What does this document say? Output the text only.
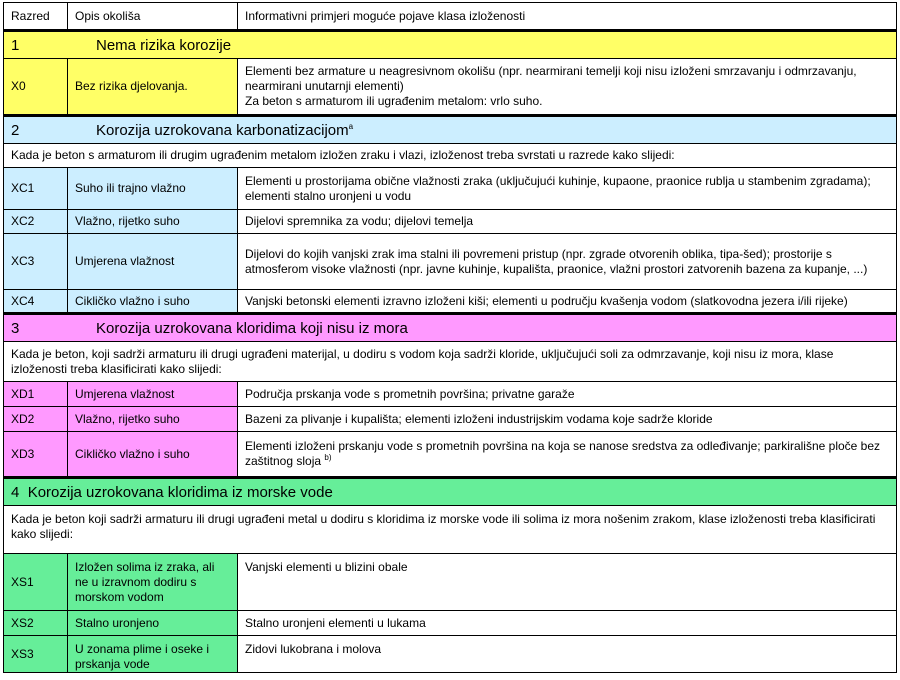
Razred	Opis okoliša	Informativni primjeri moguće pojave klasa izloženosti
1 Nema rizika korozije		
X0	Bez rizika djelovanja.	Elementi bez armature u neagresivnom okolišu (npr. nearmirani temelji koji nisu izloženi smrzavanju i odmrzavanju, nearmirani unutarnji elementi)
Za beton s armaturom ili ugrađenim metalom: vrlo suho.

2 Korozija uzrokovana karbonatizacijom$^a$
Kada je beton s armaturom ili drugim ugrađenim metalom izložen zraku i vlazi, izloženost treba svrstati u razrede kako slijedi:		
XC1	Suho ili trajno vlažno	Elementi u prostorijama obične vlažnosti zraka (uključujući kuhinje, kupaone, praonice rublja u stambenim zgradama); elementi stalno uronjeni u vodu
XC2	Vlažno, rijetko suho	Dijelovi spremnika za vodu; dijelovi temelja
XC3	Umjerena vlažnost	Dijelovi do kojih vanjski zrak ima stalni ili povremeni pristup (npr. zgrade otvorenih oblika, tipa-šed); prostorije s atmosferom visoke vlažnosti (npr. javne kuhinje, kupališta, praonice, vlažni prostori zatvorenih bazena za kupanje, ...)
XC4	Cikličko vlažno i suho	Vanjski betonski elementi izravno izloženi kiši; elementi u području kvašenja vodom (slatkovodna jezera i/ili rijeke)
3 Korozija uzrokovana kloridima koji nisu iz mora		
Kada je beton, koji sadrži armaturu ili drugi ugrađeni materijal, u dodiru s vodom koja sadrži kloride, uključujući soli za odmrzavanje, koji nisu iz mora, klase izloženosti treba klasificirati kako slijedi:		
XD1	Umjerena vlažnost	Područja prskanja vode s prometnih površina; privatne garaže
XD2	Vlažno, rijetko suho	Bazeni za plivanje i kupališta; elementi izloženi industrijskim vodama koje sadrže kloride
XD3	Cikličko vlažno i suho	Elementi izloženi prskanju vode s prometnih površina na koja se nanose sredstva za odleđivanje; parkirališne ploče bez zaštitnog sloja $^{b)}$
4 Korozija uzrokovana kloridima iz morske vode		
Kada je beton koji sadrži armaturu ili drugi ugrađeni metal u dodiru s kloridima iz morske vode ili solima iz mora nošenim zrakom, klase izloženosti treba klasificirati kako slijedi:		
XS1	Izložen solima iz zraka, ali ne u izravnom dodiru s morskom vodom	Vanjski elementi u blizini obale
XS2	Stalno uronjeno	Stalno uronjeni elementi u lukama
XS3	U zonama plime i oseke i prskanja vode	Zidovi lukobrana i molova
